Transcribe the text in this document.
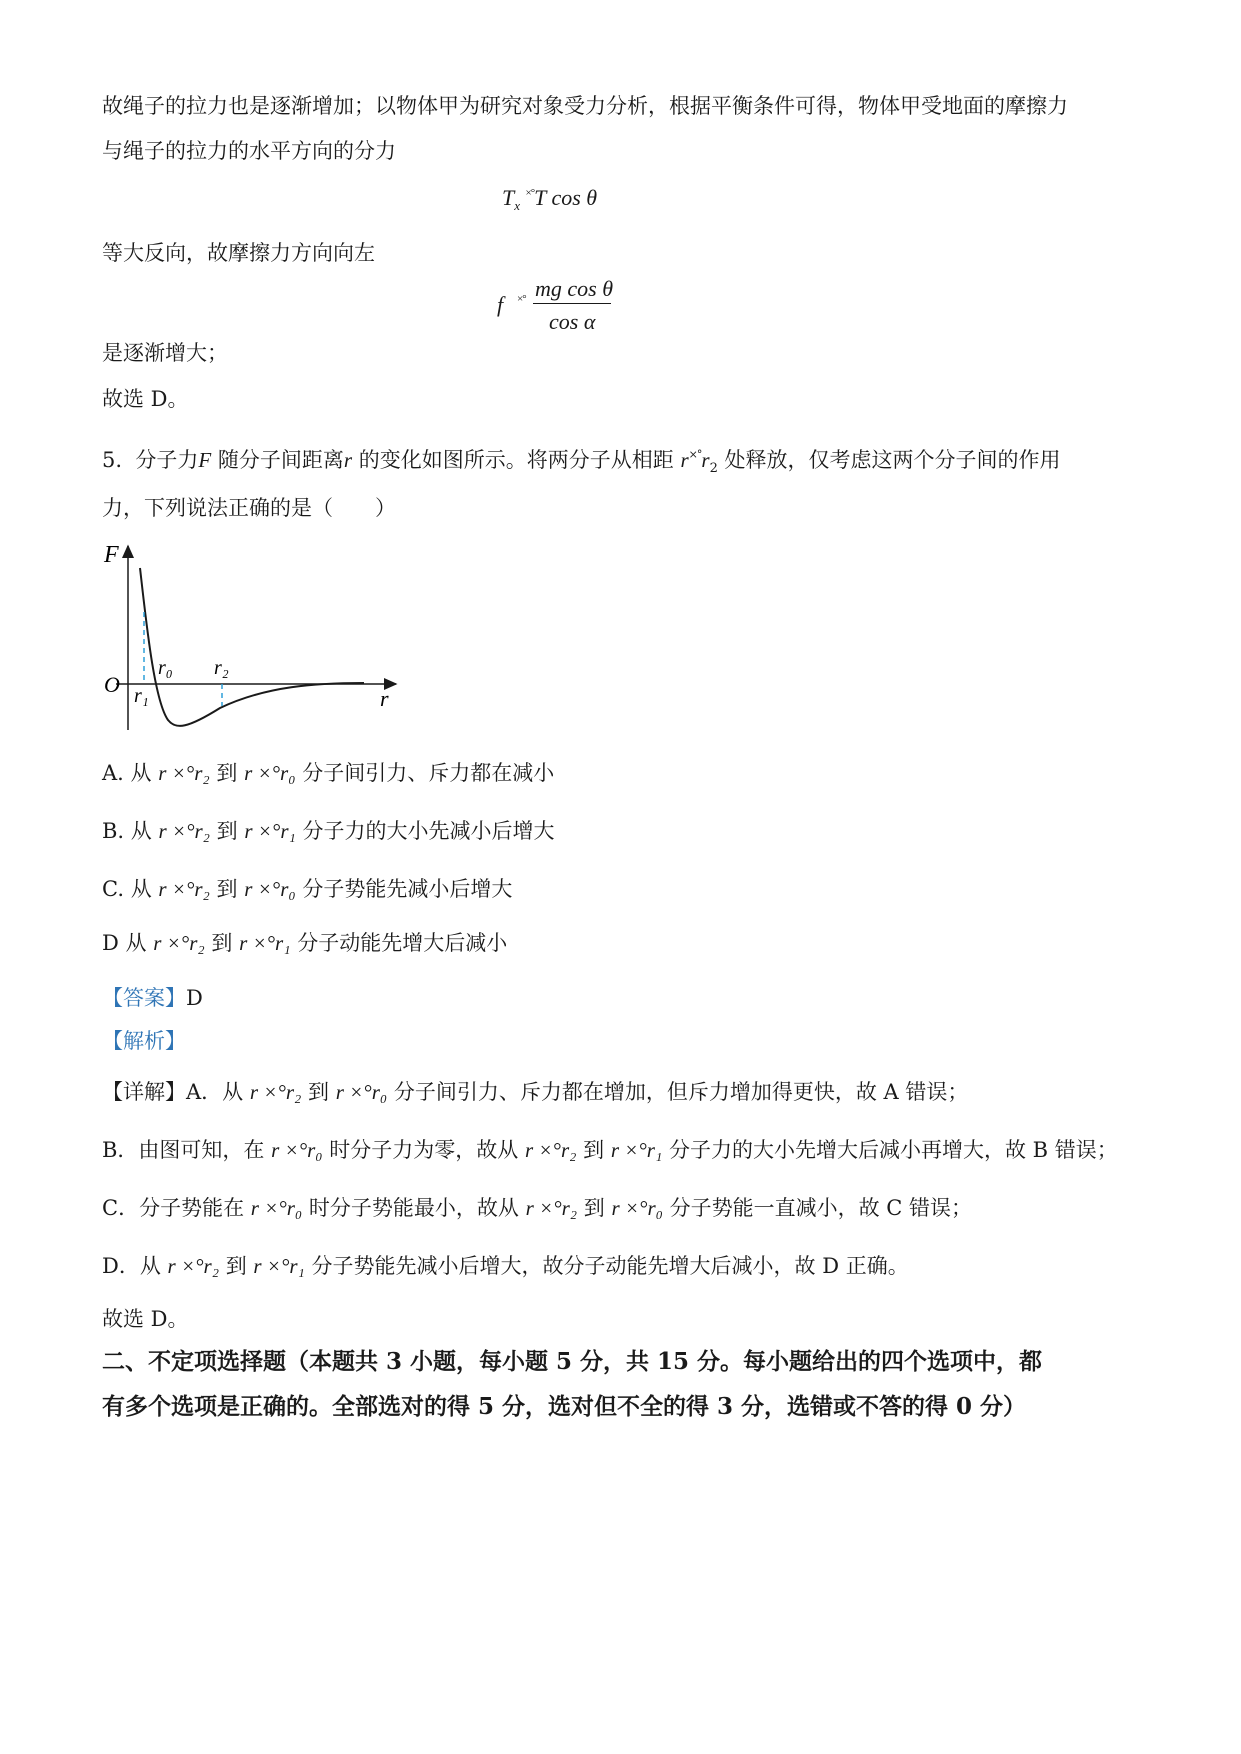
故绳子的拉力也是逐渐增加；以物体甲为研究对象受力分析，根据平衡条件可得，物体甲受地面的摩擦力
与绳子的拉力的水平方向的分力
$T_x$ ×°T cos θ
等大反向，故摩擦力方向向左
f ×° mg cos θ
cos α
是逐渐增大；
故选 D。
5. 分子力F 随分子间距离r 的变化如图所示。将两分子从相距 $r^{\times^\circ}r_2$ 处释放，仅考虑这两个分子间的作用
力，下列说法正确的是（　　）
F
O
r
r₀
r₁
r₂
A. 从 r ×°r₂ 到 r ×°r₀ 分子间引力、斥力都在减小
B. 从 r ×°r₂ 到 r ×°r₁ 分子力的大小先减小后增大
C. 从 r ×°r₂ 到 r ×°r₀ 分子势能先减小后增大
D 从 r ×°r₂ 到 r ×°r₁ 分子动能先增大后减小
【答案】D
【解析】
【详解】A．从 r ×°r₂ 到 r ×°r₀ 分子间引力、斥力都在增加，但斥力增加得更快，故 A 错误；
B．由图可知，在 r ×°r₀ 时分子力为零，故从 r ×°r₂ 到 r ×°r₁ 分子力的大小先增大后减小再增大，故 B 错误；
C．分子势能在 r ×°r₀ 时分子势能最小，故从 r ×°r₂ 到 r ×°r₀ 分子势能一直减小，故 C 错误；
D．从 r ×°r₂ 到 r ×°r₁ 分子势能先减小后增大，故分子动能先增大后减小，故 D 正确。
故选 D。
二、不定项选择题（本题共 3 小题，每小题 5 分，共 15 分。每小题给出的四个选项中，都
有多个选项是正确的。全部选对的得 5 分，选对但不全的得 3 分，选错或不答的得 0 分）
